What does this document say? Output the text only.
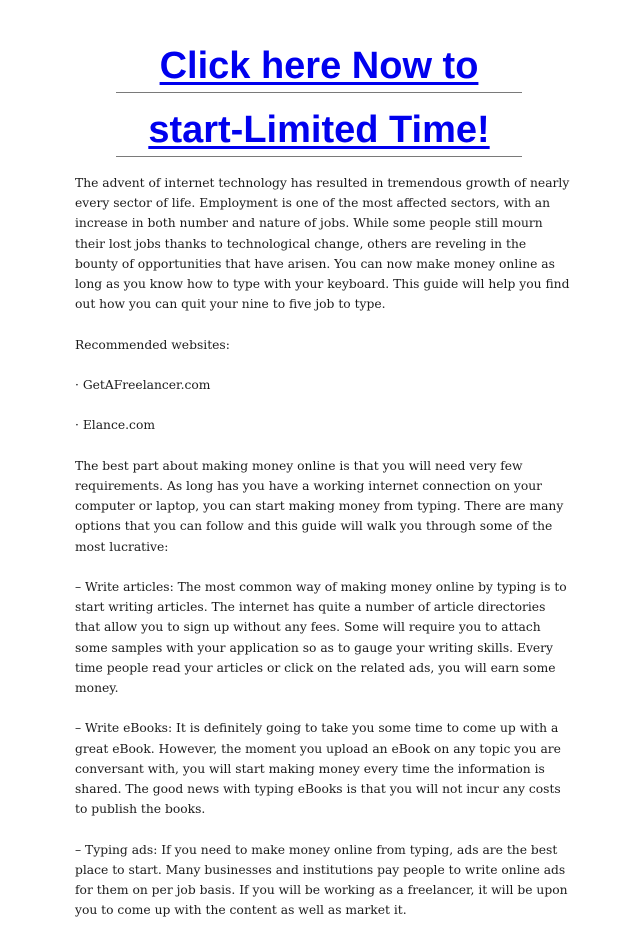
Click here Now to
start-Limited Time!

The advent of internet technology has resulted in tremendous growth of nearly every sector of life. Employment is one of the most affected sectors, with an increase in both number and nature of jobs. While some people still mourn their lost jobs thanks to technological change, others are reveling in the bounty of opportunities that have arisen. You can now make money online as long as you know how to type with your keyboard. This guide will help you find out how you can quit your nine to five job to type.

Recommended websites:

· GetAFreelancer.com

· Elance.com

The best part about making money online is that you will need very few requirements. As long has you have a working internet connection on your computer or laptop, you can start making money from typing. There are many options that you can follow and this guide will walk you through some of the most lucrative:

– Write articles: The most common way of making money online by typing is to start writing articles. The internet has quite a number of article directories that allow you to sign up without any fees. Some will require you to attach some samples with your application so as to gauge your writing skills. Every time people read your articles or click on the related ads, you will earn some money.

– Write eBooks: It is definitely going to take you some time to come up with a great eBook. However, the moment you upload an eBook on any topic you are conversant with, you will start making money every time the information is shared. The good news with typing eBooks is that you will not incur any costs to publish the books.

– Typing ads: If you need to make money online from typing, ads are the best place to start. Many businesses and institutions pay people to write online ads for them on per job basis. If you will be working as a freelancer, it will be upon you to come up with the content as well as market it.
